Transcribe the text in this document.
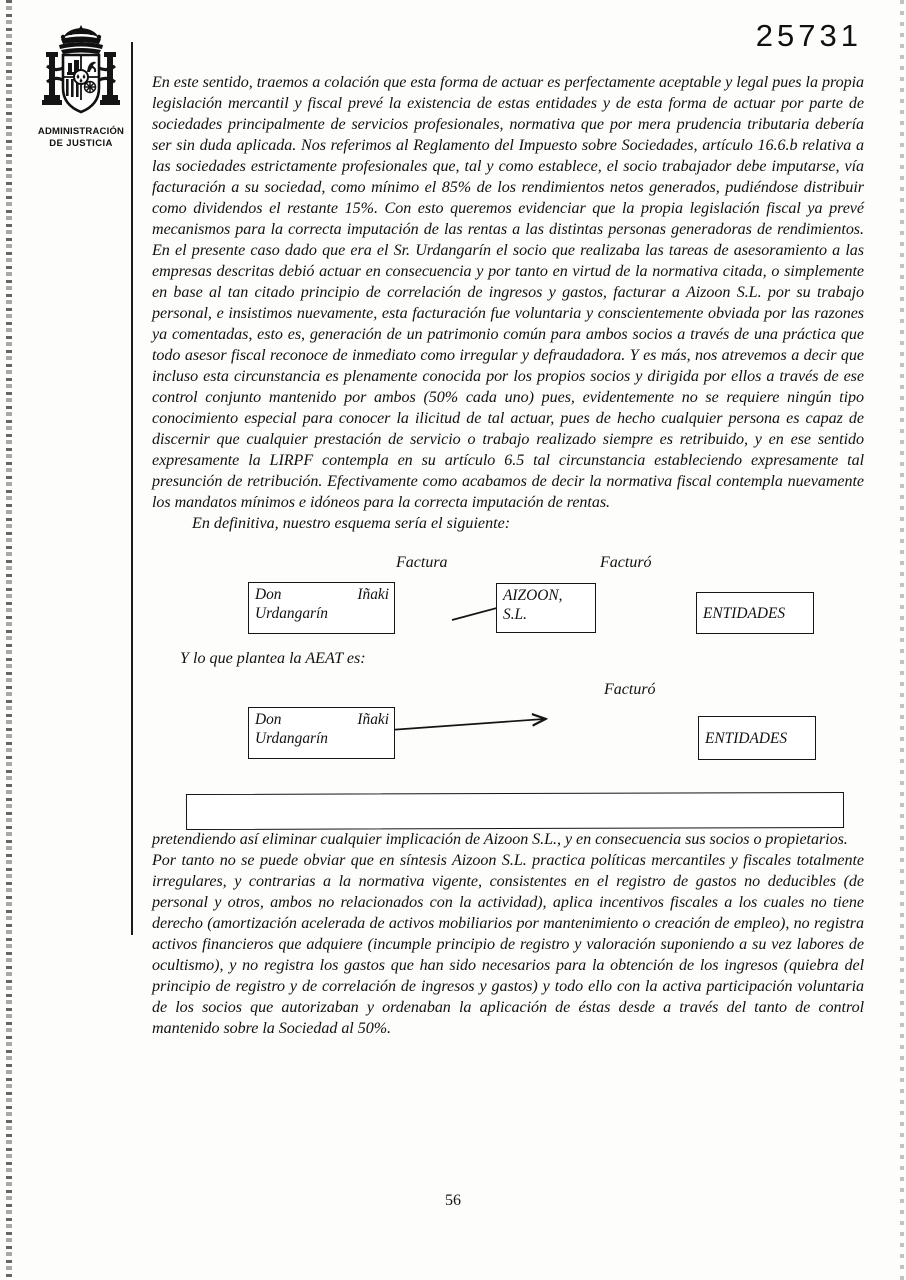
25731
ADMINISTRACIÓN
DE JUSTICIA

En este sentido, traemos a colación que esta forma de actuar es perfectamente aceptable y legal pues la propia legislación mercantil y fiscal prevé la existencia de estas entidades y de esta forma de actuar por parte de sociedades principalmente de servicios profesionales, normativa que por mera prudencia tributaria debería ser sin duda aplicada. Nos referimos al Reglamento del Impuesto sobre Sociedades, artículo 16.6.b relativa a las sociedades estrictamente profesionales que, tal y como establece, el socio trabajador debe imputarse, vía facturación a su sociedad, como mínimo el 85% de los rendimientos netos generados, pudiéndose distribuir como dividendos el restante 15%. Con esto queremos evidenciar que la propia legislación fiscal ya prevé mecanismos para la correcta imputación de las rentas a las distintas personas generadoras de rendimientos. En el presente caso dado que era el Sr. Urdangarín el socio que realizaba las tareas de asesoramiento a las empresas descritas debió actuar en consecuencia y por tanto en virtud de la normativa citada, o simplemente en base al tan citado principio de correlación de ingresos y gastos, facturar a Aizoon S.L. por su trabajo personal, e insistimos nuevamente, esta facturación fue voluntaria y conscientemente obviada por las razones ya comentadas, esto es, generación de un patrimonio común para ambos socios a través de una práctica que todo asesor fiscal reconoce de inmediato como irregular y defraudadora. Y es más, nos atrevemos a decir que incluso esta circunstancia es plenamente conocida por los propios socios y dirigida por ellos a través de ese control conjunto mantenido por ambos (50% cada uno) pues, evidentemente no se requiere ningún tipo conocimiento especial para conocer la ilicitud de tal actuar, pues de hecho cualquier persona es capaz de discernir que cualquier prestación de servicio o trabajo realizado siempre es retribuido, y en ese sentido expresamente la LIRPF contempla en su artículo 6.5 tal circunstancia estableciendo expresamente tal presunción de retribución. Efectivamente como acabamos de decir la normativa fiscal contempla nuevamente los mandatos mínimos e idóneos para la correcta imputación de rentas.

En definitiva, nuestro esquema sería el siguiente:

Don	Iñaki
Urdangarín
AIZOON,
S.L.	ENTIDADES
Factura	Facturó

Y lo que plantea la AEAT es:

Don	Iñaki
Urdangarín	ENTIDADES
Facturó

pretendiendo así eliminar cualquier implicación de Aizoon S.L., y en consecuencia sus socios o propietarios.

Por tanto no se puede obviar que en síntesis Aizoon S.L. practica políticas mercantiles y fiscales totalmente irregulares, y contrarias a la normativa vigente, consistentes en el registro de gastos no deducibles (de personal y otros, ambos no relacionados con la actividad), aplica incentivos fiscales a los cuales no tiene derecho (amortización acelerada de activos mobiliarios por mantenimiento o creación de empleo), no registra activos financieros que adquiere (incumple principio de registro y valoración suponiendo a su vez labores de ocultismo), y no registra los gastos que han sido necesarios para la obtención de los ingresos (quiebra del principio de registro y de correlación de ingresos y gastos) y todo ello con la activa participación voluntaria de los socios que autorizaban y ordenaban la aplicación de éstas desde a través del tanto de control mantenido sobre la Sociedad al 50%.

56
